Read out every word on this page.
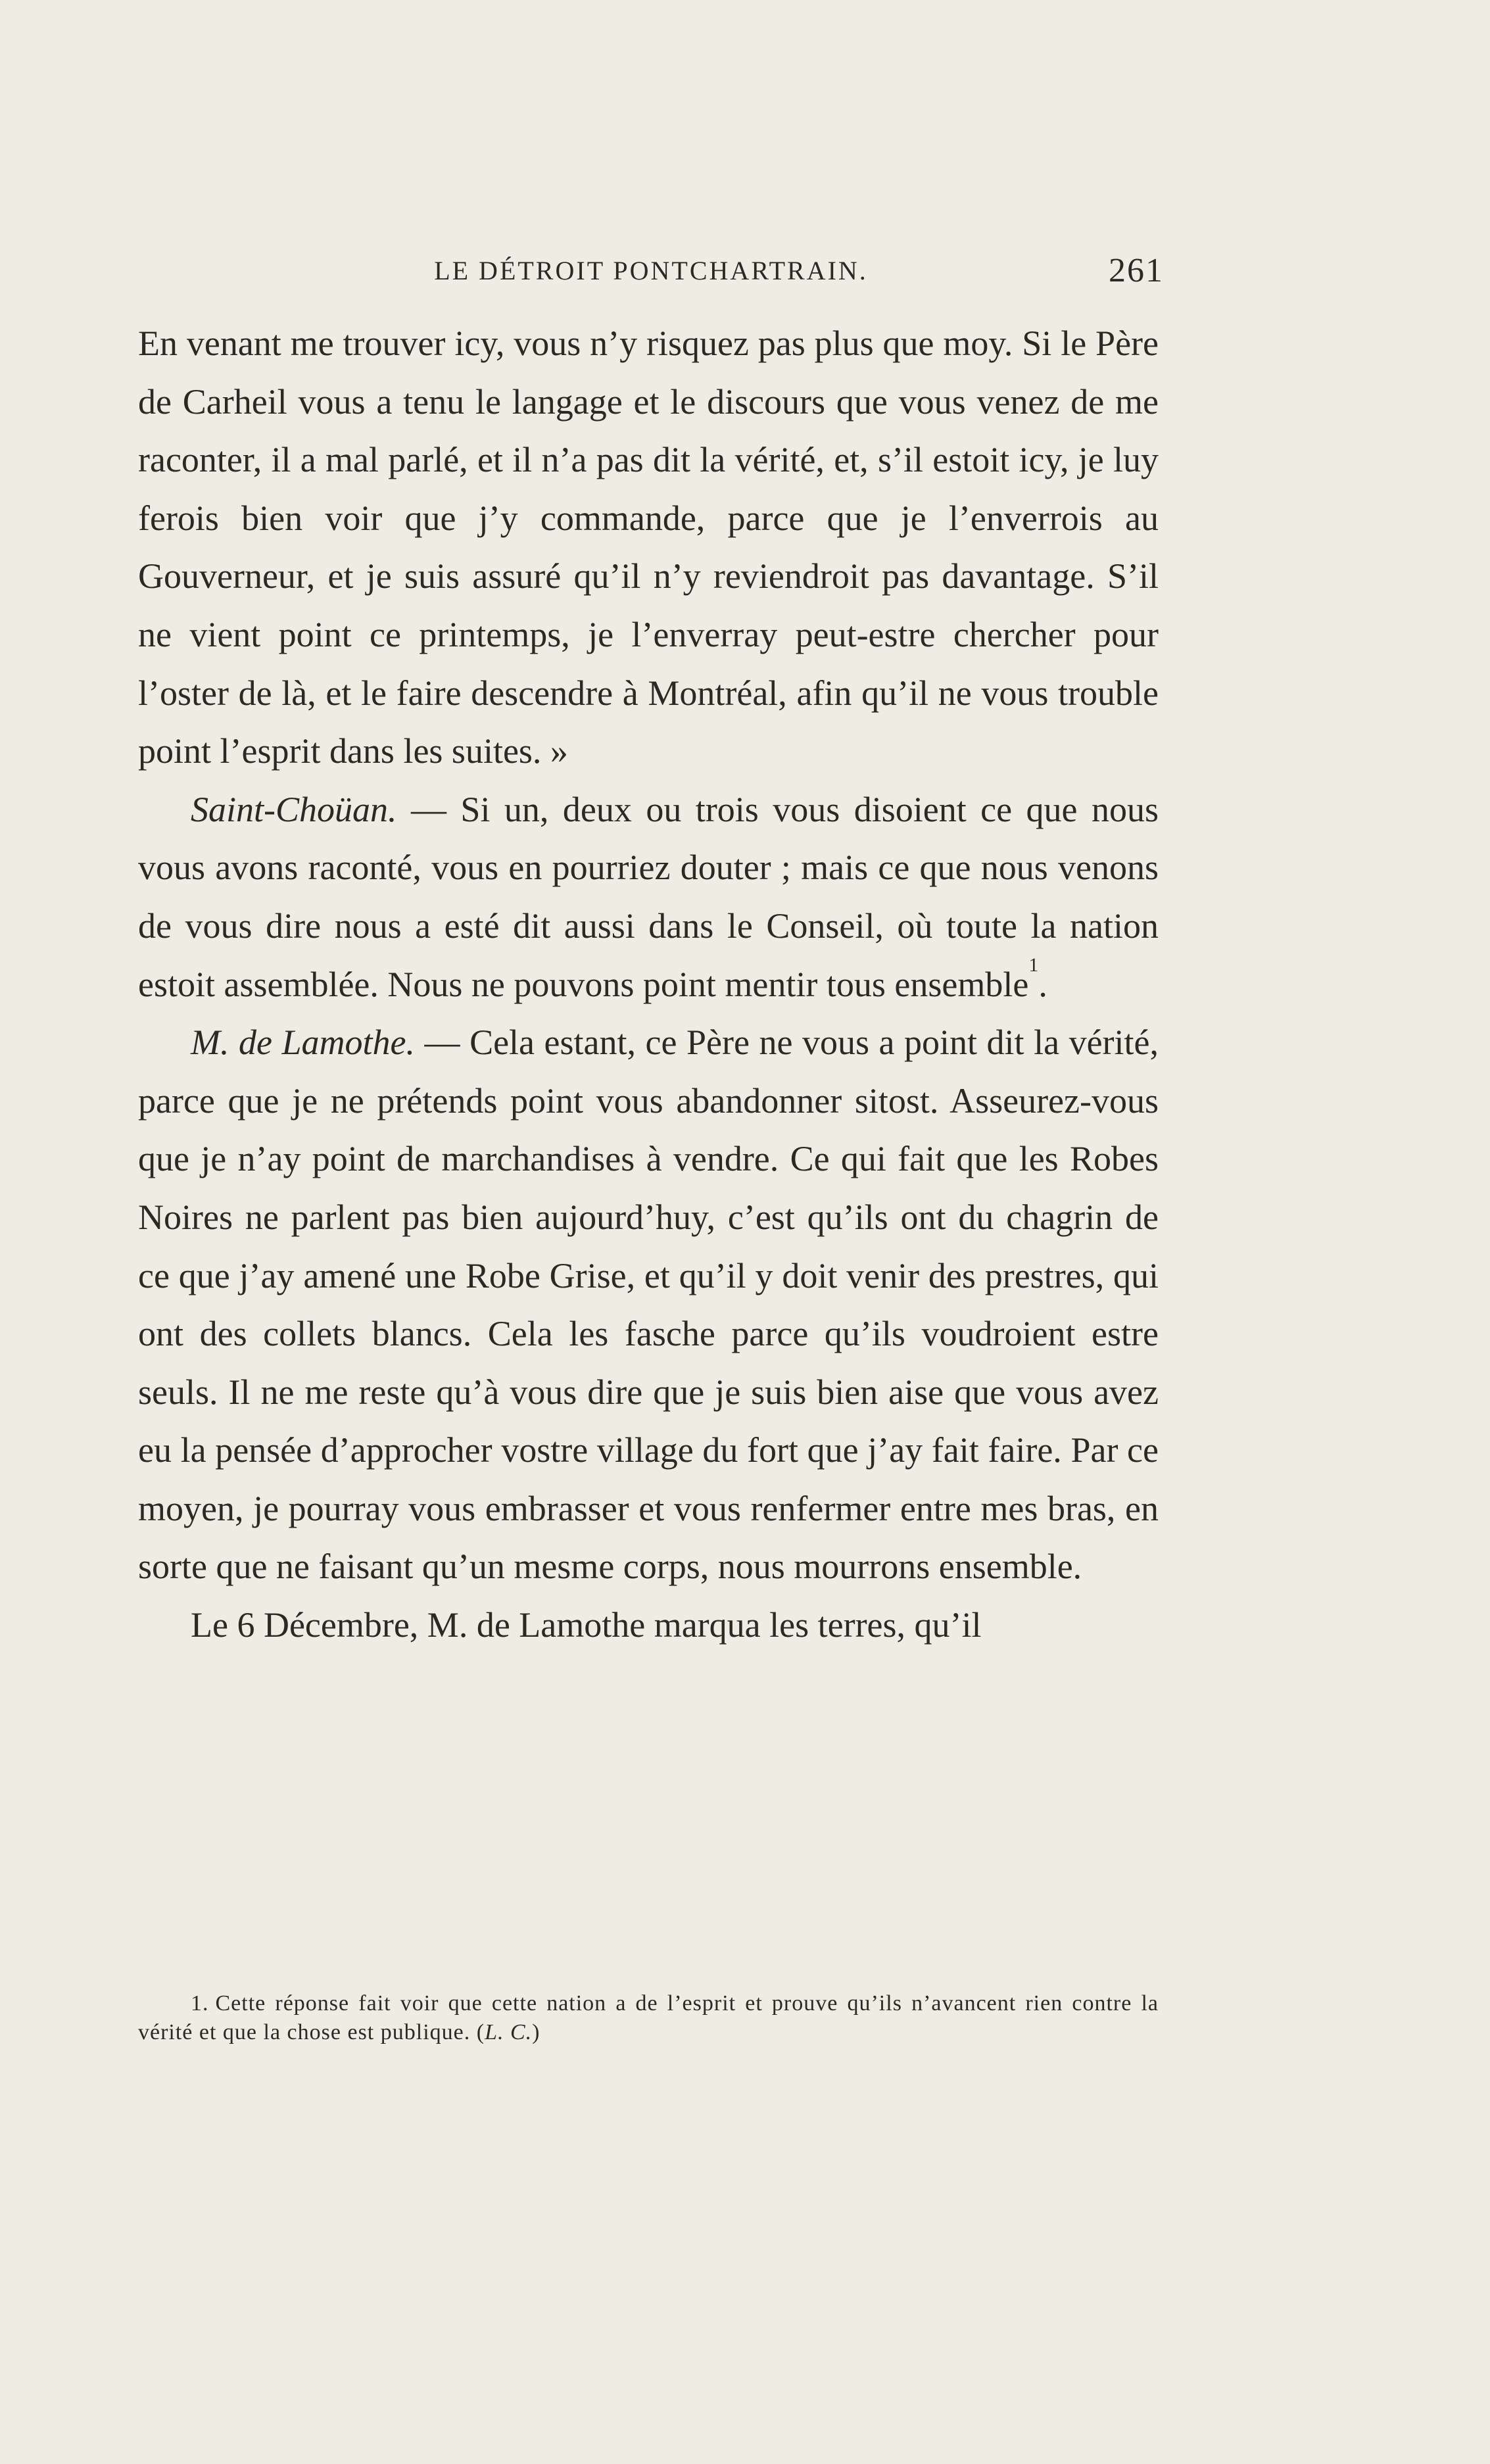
LE DÉTROIT PONTCHARTRAIN.	261

En venant me trouver icy, vous n’y risquez pas plus que moy. Si le Père de Carheil vous a tenu le langage et le discours que vous venez de me raconter, il a mal parlé, et il n’a pas dit la vérité, et, s’il estoit icy, je luy ferois bien voir que j’y commande, parce que je l’enverrois au Gouverneur, et je suis assuré qu’il n’y reviendroit pas davantage. S’il ne vient point ce printemps, je l’enverray peut-estre chercher pour l’oster de là, et le faire descendre à Montréal, afin qu’il ne vous trouble point l’esprit dans les suites. »

Saint-Choüan. — Si un, deux ou trois vous disoient ce que nous vous avons raconté, vous en pourriez douter ; mais ce que nous venons de vous dire nous a esté dit aussi dans le Conseil, où toute la nation estoit assemblée. Nous ne pouvons point mentir tous ensemble$^1$.

M. de Lamothe. — Cela estant, ce Père ne vous a point dit la vérité, parce que je ne prétends point vous abandonner sitost. Asseurez-vous que je n’ay point de marchandises à vendre. Ce qui fait que les Robes Noires ne parlent pas bien aujourd’huy, c’est qu’ils ont du chagrin de ce que j’ay amené une Robe Grise, et qu’il y doit venir des prestres, qui ont des collets blancs. Cela les fasche parce qu’ils voudroient estre seuls. Il ne me reste qu’à vous dire que je suis bien aise que vous avez eu la pensée d’approcher vostre village du fort que j’ay fait faire. Par ce moyen, je pourray vous embrasser et vous renfermer entre mes bras, en sorte que ne faisant qu’un mesme corps, nous mourrons ensemble.

Le 6 Décembre, M. de Lamothe marqua les terres, qu’il

1. Cette réponse fait voir que cette nation a de l’esprit et prouve qu’ils n’avancent rien contre la vérité et que la chose est publique. (L. C.)
